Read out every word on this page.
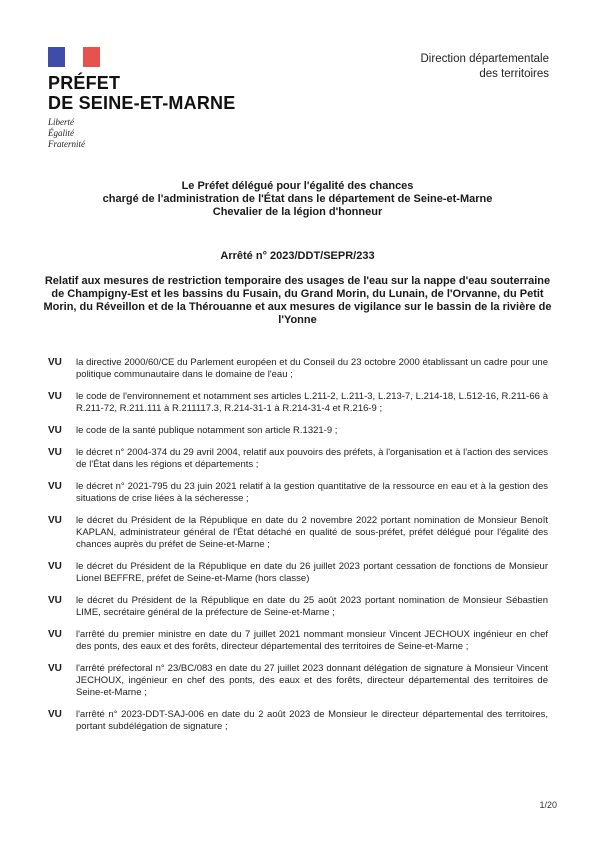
PRÉFET
DE SEINE-ET-MARNE
Liberté
Égalité
Fraternité
Direction départementale
des territoires
Le Préfet délégué pour l'égalité des chances
chargé de l'administration de l'État dans le département de Seine-et-Marne
Chevalier de la légion d'honneur
Arrêté n° 2023/DDT/SEPR/233
Relatif aux mesures de restriction temporaire des usages de l'eau sur la nappe d'eau souterraine de Champigny-Est et les bassins du Fusain, du Grand Morin, du Lunain, de l'Orvanne, du Petit Morin, du Réveillon et de la Thérouanne et aux mesures de vigilance sur le bassin de la rivière de l'Yonne
VU	la directive 2000/60/CE du Parlement européen et du Conseil du 23 octobre 2000 établissant un cadre pour une politique communautaire dans le domaine de l'eau ;
VU	le code de l'environnement et notamment ses articles L.211-2, L.211-3, L.213-7, L.214-18, L.512-16, R.211-66 à R.211-72, R.211.111 à R.211117.3, R.214-31-1 à R.214-31-4 et R.216-9 ;
VU	le code de la santé publique notamment son article R.1321-9 ;
VU	le décret n° 2004-374 du 29 avril 2004, relatif aux pouvoirs des préfets, à l'organisation et à l'action des services de l'État dans les régions et départements ;
VU	le décret n° 2021-795 du 23 juin 2021 relatif à la gestion quantitative de la ressource en eau et à la gestion des situations de crise liées à la sécheresse ;
VU	le décret du Président de la République en date du 2 novembre 2022 portant nomination de Monsieur Benoît KAPLAN, administrateur général de l'État détaché en qualité de sous-préfet, préfet délégué pour l'égalité des chances auprès du préfet de Seine-et-Marne ;
VU	le décret du Président de la République en date du 26 juillet 2023 portant cessation de fonctions de Monsieur Lionel BEFFRE, préfet de Seine-et-Marne (hors classe)
VU	le décret du Président de la République en date du 25 août 2023 portant nomination de Monsieur Sébastien LIME, secrétaire général de la préfecture de Seine-et-Marne ;
VU	l'arrêté du premier ministre en date du 7 juillet 2021 nommant monsieur Vincent JECHOUX ingénieur en chef des ponts, des eaux et des forêts, directeur départemental des territoires de Seine-et-Marne ;
VU	l'arrêté préfectoral n° 23/BC/083 en date du 27 juillet 2023 donnant délégation de signature à Monsieur Vincent JECHOUX, ingénieur en chef des ponts, des eaux et des forêts, directeur départemental des territoires de Seine-et-Marne ;
VU	l'arrêté n° 2023-DDT-SAJ-006 en date du 2 août 2023 de Monsieur le directeur départemental des territoires, portant subdélégation de signature ;
1/20
